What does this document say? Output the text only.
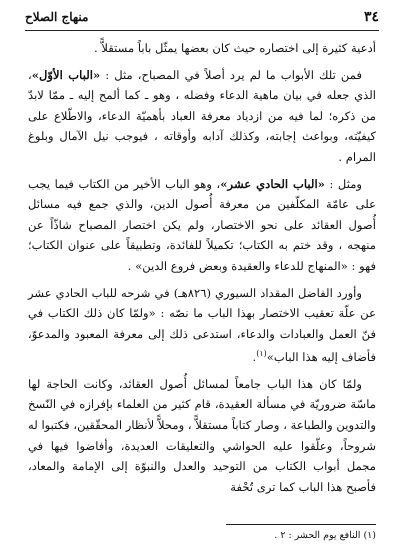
٣٤
منهاج الصلاح

أدعية كثيرة إلى اختصاره حيث كان بعضها يمثّل باباً مستقلاًّ .

فمن تلك الأبواب ما لم يرد أصلاً في المصباح، مثل : «الباب الأوّل»، الذي جعله في بيان ماهية الدعاء وفضله ، وهو ـ كما ألمح إليه ـ ممّا لابدّ من ذكره؛ لما فيه من ازدياد معرفة العباد بأهميّة الدعاء، والاطّلاع على كيفيّته، وبواعث إجابته، وكذلك آدابه وأوقاته ، فيوجب نيل الآمال وبلوغ المرام .

ومثل : «الباب الحادي عشر»، وهو الباب الأخير من الكتاب فيما يجب على عامّة المكلّفين من معرفة أُصول الدين، والذي جمع فيه مسائل أُصول العقائد على نحو الاختصار، ولم يكن اختصار المصباح شاذّاً عن منهجه ، وقد ختم به الكتاب؛ تكميلاً للفائدة، وتطبيقاً على عنوان الكتاب؛ فهو : «المنهاج للدعاء والعقيدة وبعض فروع الدين» .

وأورد الفاضل المقداد السيوري (٨٢٦هـ) في شرحه للباب الحادي عشر عن علّة تعقيب الاختصار بهذا الباب ما نصّه : «ولمّا كان ذلك الكتاب في فنّ العمل والعبادات والدعاء، استدعى ذلك إلى معرفة المعبود والمدعوّ، فأضاف إليه هذا الباب»$^{(١)}$.

ولمّا كان هذا الباب جامعاً لمسائل أُصول العقائد، وكانت الحاجة لها ماسّة ضروريّة في مسألة العقيدة، قام كثير من العلماء بإفرازه في النّسخ والتدوين والطباعة ، وصار كتاباً مستقلاًّ ، ومحلاًّ لأنظار المحقّقين، فكتبوا له شروحاً، وعلّقوا عليه الحواشي والتعليقات العديدة، وأفاضوا فيها في مجمل أبواب الكتاب من التوحيد والعدل والنبوّة إلى الإمامة والمعاد، فأصبح هذا الباب كما ترى تُحْفة

(١) النافع يوم الحشر : ٢ .
